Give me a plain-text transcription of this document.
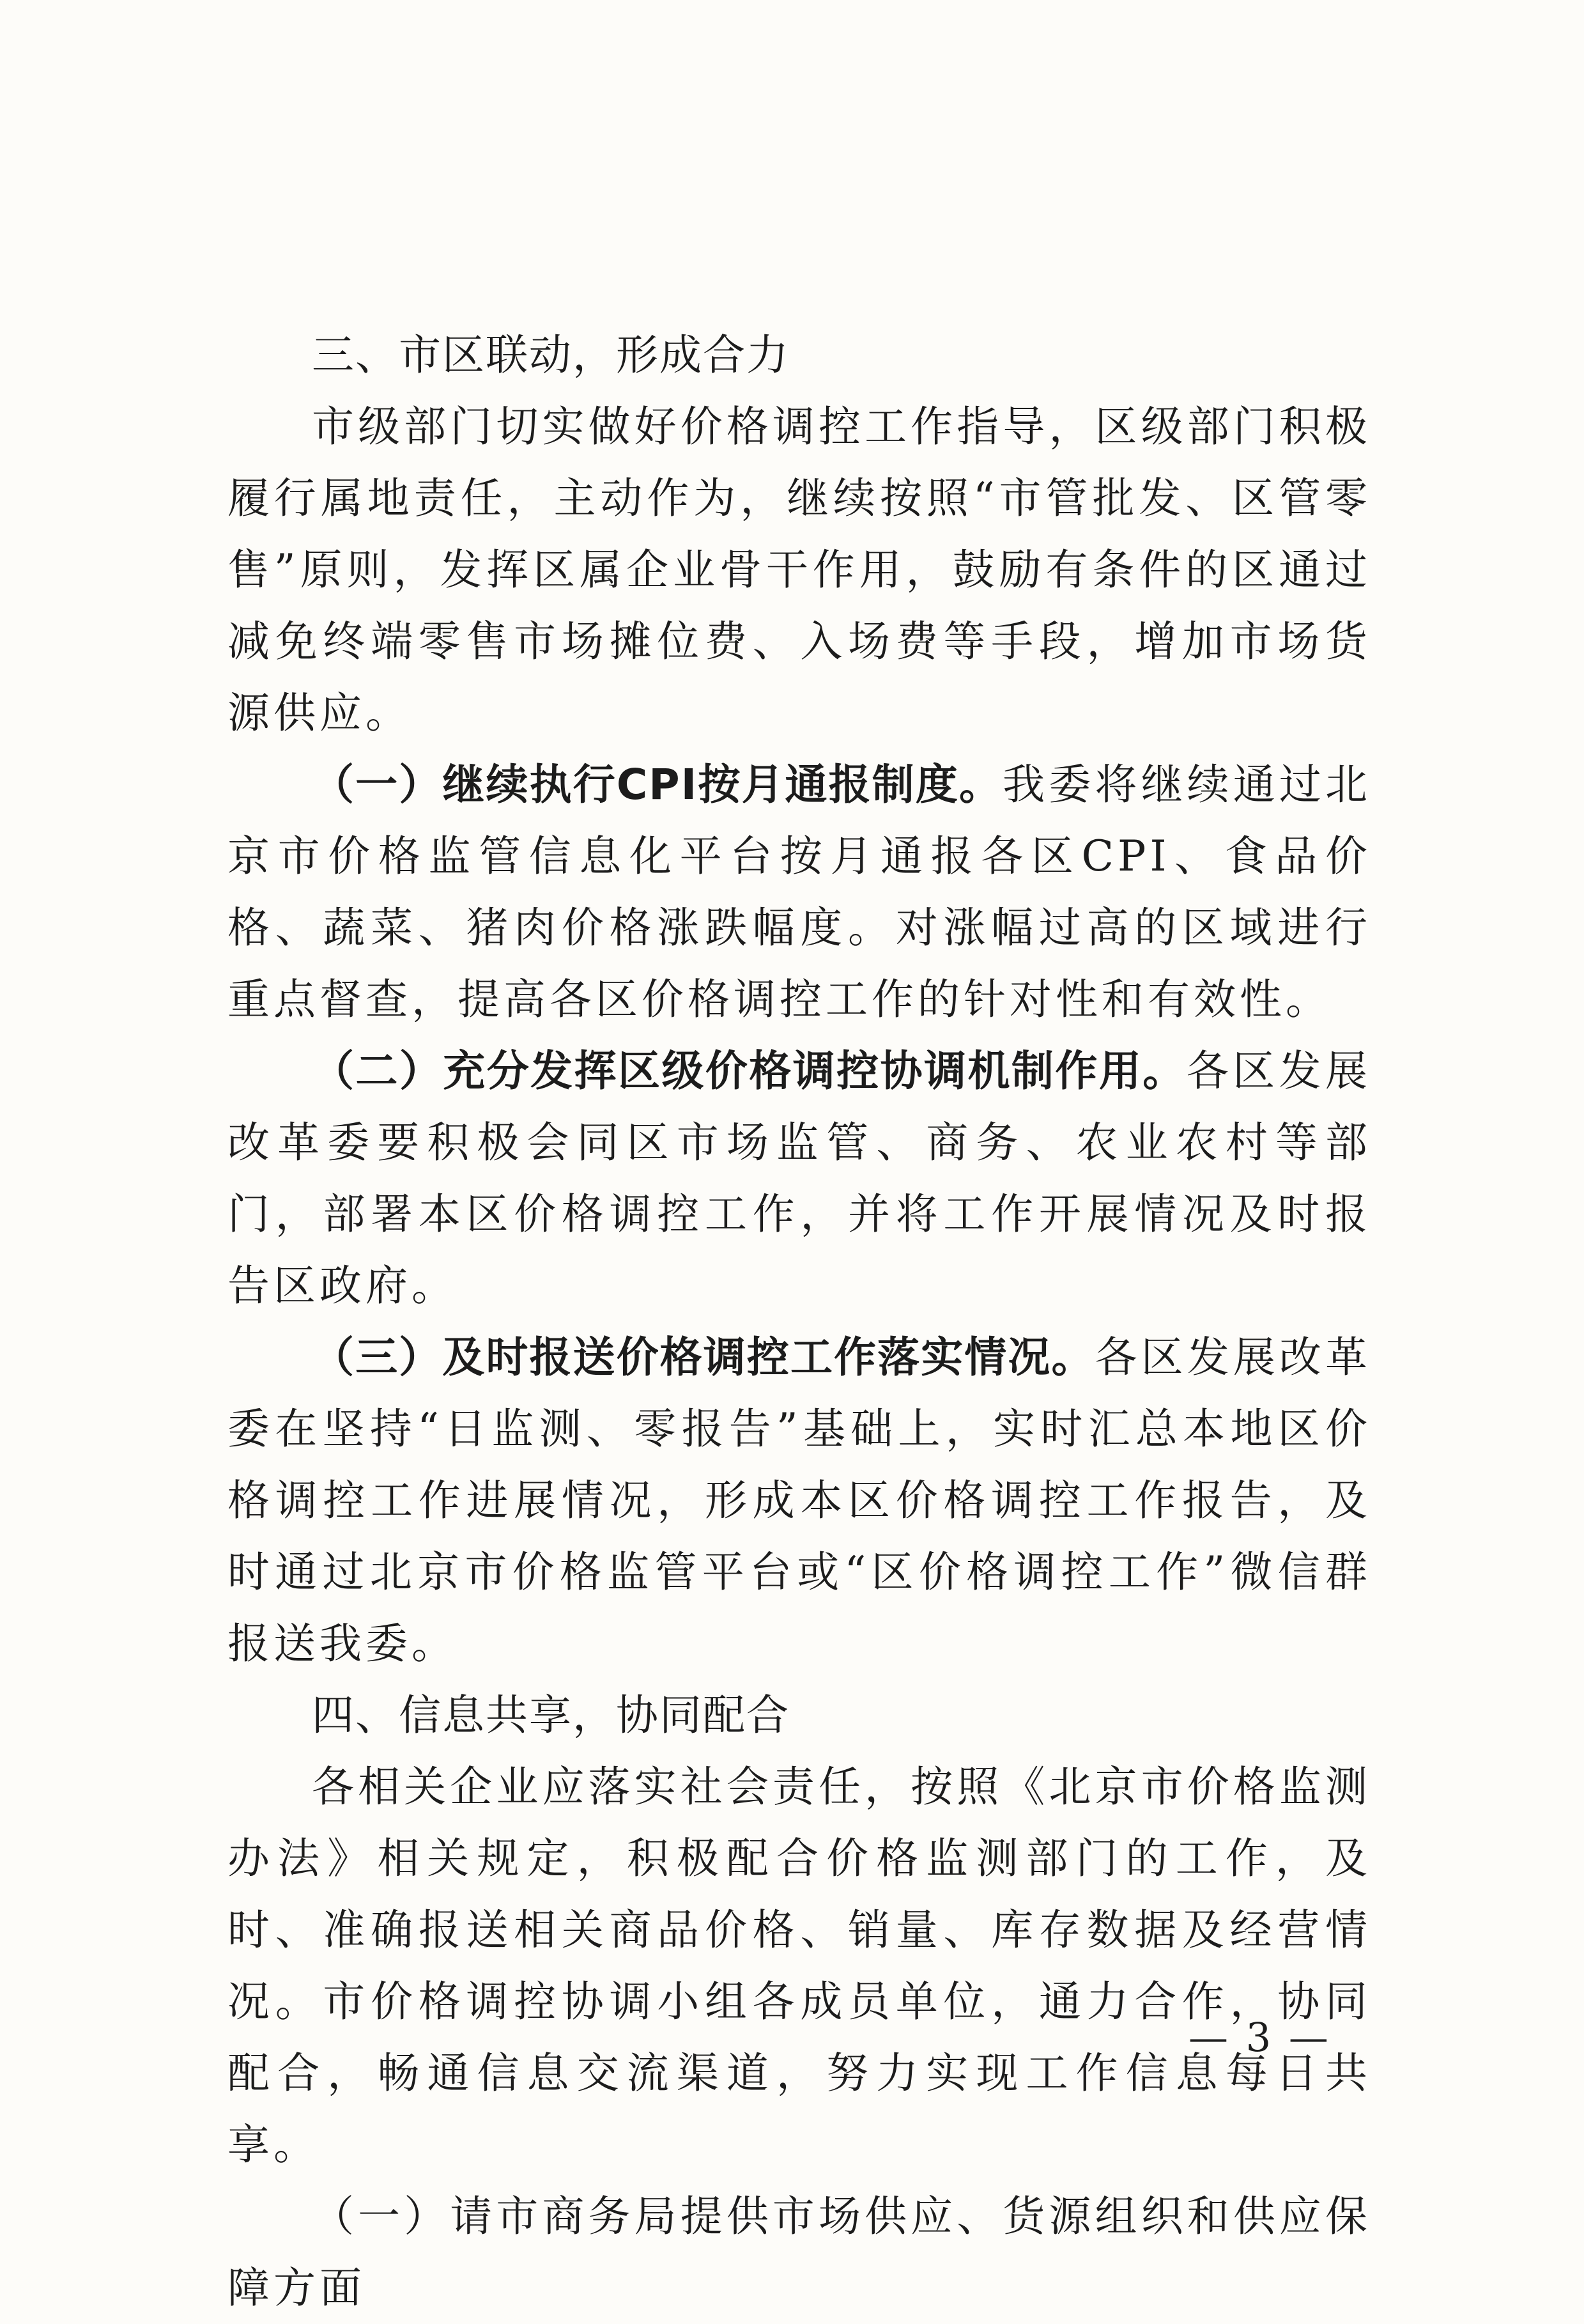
三、市区联动，形成合力

市级部门切实做好价格调控工作指导，区级部门积极履行属地责任，主动作为，继续按照“市管批发、区管零售”原则，发挥区属企业骨干作用，鼓励有条件的区通过减免终端零售市场摊位费、入场费等手段，增加市场货源供应。

（一）继续执行CPI按月通报制度。我委将继续通过北京市价格监管信息化平台按月通报各区CPI、食品价格、蔬菜、猪肉价格涨跌幅度。对涨幅过高的区域进行重点督查，提高各区价格调控工作的针对性和有效性。

（二）充分发挥区级价格调控协调机制作用。各区发展改革委要积极会同区市场监管、商务、农业农村等部门，部署本区价格调控工作，并将工作开展情况及时报告区政府。

（三）及时报送价格调控工作落实情况。各区发展改革委在坚持“日监测、零报告”基础上，实时汇总本地区价格调控工作进展情况，形成本区价格调控工作报告，及时通过北京市价格监管平台或“区价格调控工作”微信群报送我委。

四、信息共享，协同配合

各相关企业应落实社会责任，按照《北京市价格监测办法》相关规定，积极配合价格监测部门的工作，及时、准确报送相关商品价格、销量、库存数据及经营情况。市价格调控协调小组各成员单位，通力合作，协同配合，畅通信息交流渠道，努力实现工作信息每日共享。

（一）请市商务局提供市场供应、货源组织和供应保障方面

— 3 —
